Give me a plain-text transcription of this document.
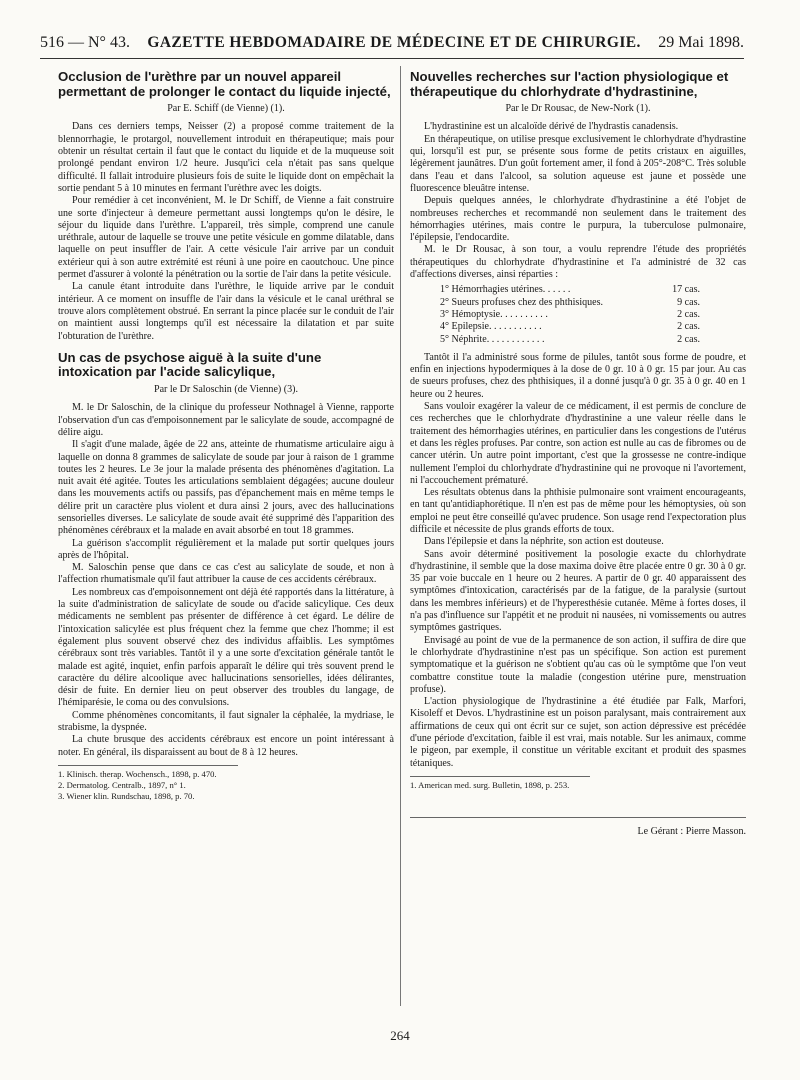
516 — N° 43. GAZETTE HEBDOMADAIRE DE MÉDECINE ET DE CHIRURGIE. 29 Mai 1898.
Occlusion de l'urèthre par un nouvel appareil permettant de prolonger le contact du liquide injecté,
Par E. Schiff (de Vienne) (1).

Dans ces derniers temps, Neisser (2) a proposé comme traitement de la blennorrhagie, le protargol, nouvellement introduit en thérapeutique; mais pour obtenir un résultat certain il faut que le contact du liquide et de la muqueuse soit prolongé pendant environ 1/2 heure. Jusqu'ici cela n'était pas sans quelque difficulté. Il fallait introduire plusieurs fois de suite le liquide dont on empêchait la sortie pendant 5 à 10 minutes en fermant l'urèthre avec les doigts.

Pour remédier à cet inconvénient, M. le Dr Schiff, de Vienne a fait construire une sorte d'injecteur à demeure permettant aussi longtemps qu'on le désire, le séjour du liquide dans l'urèthre. L'appareil, très simple, comprend une canule uréthrale, autour de laquelle se trouve une petite vésicule en gomme dilatable, dans laquelle on peut insuffler de l'air. A cette vésicule l'air arrive par un conduit extérieur qui à son autre extrémité est réuni à une poire en caoutchouc. Une pince permet d'assurer à volonté la pénétration ou la sortie de l'air dans la petite vésicule.

La canule étant introduite dans l'urèthre, le liquide arrive par le conduit intérieur. A ce moment on insuffle de l'air dans la vésicule et le canal uréthral se trouve alors complètement obstrué. En serrant la pince placée sur le conduit de l'air on maintient aussi longtemps qu'il est nécessaire la dilatation et par suite l'obturation de l'urèthre.

Un cas de psychose aiguë à la suite d'une intoxication par l'acide salicylique,
Par le Dr Saloschin (de Vienne) (3).

M. le Dr Saloschin, de la clinique du professeur Nothnagel à Vienne, rapporte l'observation d'un cas d'empoisonnement par le salicylate de soude, accompagné de délire aigu.

Il s'agit d'une malade, âgée de 22 ans, atteinte de rhumatisme articulaire aigu à laquelle on donna 8 grammes de salicylate de soude par jour à raison de 1 gramme toutes les 2 heures. Le 3e jour la malade présenta des phénomènes d'agitation. La nuit avait été agitée. Toutes les articulations semblaient dégagées; aucune douleur dans les mouvements actifs ou passifs, pas d'épanchement mais en même temps le délire prit un caractère plus violent et dura ainsi 2 jours, avec des hallucinations sensorielles diverses. Le salicylate de soude avait été supprimé dès l'apparition des phénomènes cérébraux et la malade en avait absorbé en tout 18 grammes.

La guérison s'accomplit régulièrement et la malade put sortir quelques jours après de l'hôpital.

M. Saloschin pense que dans ce cas c'est au salicylate de soude, et non à l'affection rhumatismale qu'il faut attribuer la cause de ces accidents cérébraux.

Les nombreux cas d'empoisonnement ont déjà été rapportés dans la littérature, à la suite d'administration de salicylate de soude ou d'acide salicylique. Ces deux médicaments ne semblent pas présenter de différence à cet égard. Le délire de l'intoxication salicylée est plus fréquent chez la femme que chez l'homme; il est également plus souvent observé chez des individus affaiblis. Les symptômes cérébraux sont très variables. Tantôt il y a une sorte d'excitation générale tantôt le malade est agité, inquiet, enfin parfois apparaît le délire qui très souvent prend le caractère du délire alcoolique avec hallucinations sensorielles, idées délirantes, désir de fuite. En dernier lieu on peut observer des troubles du langage, de l'hémiparésie, le coma ou des convulsions.

Comme phénomènes concomitants, il faut signaler la céphalée, la mydriase, le strabisme, la dyspnée.

La chute brusque des accidents cérébraux est encore un point intéressant à noter. En général, ils disparaissent au bout de 8 à 12 heures.

1. Klinisch. therap. Wochensch., 1898, p. 470.
2. Dermatolog. Centralb., 1897, n° 1.
3. Wiener klin. Rundschau, 1898, p. 70.
Nouvelles recherches sur l'action physiologique et thérapeutique du chlorhydrate d'hydrastinine,
Par le Dr Rousac, de New-Nork (1).

L'hydrastinine est un alcaloïde dérivé de l'hydrastis canadensis.

En thérapeutique, on utilise presque exclusivement le chlorhydrate d'hydrastine qui, lorsqu'il est pur, se présente sous forme de petits cristaux en aiguilles, légèrement jaunâtres. D'un goût fortement amer, il fond à 205°-208°C. Très soluble dans l'eau et dans l'alcool, sa solution aqueuse est jaune et possède une fluorescence bleuâtre intense.

Depuis quelques années, le chlorhydrate d'hydrastinine a été l'objet de nombreuses recherches et recommandé non seulement dans le traitement des hémorrhagies utérines, mais contre le purpura, la tuberculose pulmonaire, l'épilepsie, l'endocardite.

M. le Dr Rousac, à son tour, a voulu reprendre l'étude des propriétés thérapeutiques du chlorhydrate d'hydrastinine et l'a administré de 32 cas d'affections diverses, ainsi réparties :

1° Hémorrhagies utérines. . . . . .	17 cas.
2° Sueurs profuses chez des phthisiques.	9 cas.
3° Hémoptysie. . . . . . . . . .	2 cas.
4° Epilepsie. . . . . . . . . . .	2 cas.
5° Néphrite. . . . . . . . . . . .	2 cas.

Tantôt il l'a administré sous forme de pilules, tantôt sous forme de poudre, et enfin en injections hypodermiques à la dose de 0 gr. 10 à 0 gr. 15 par jour. Au cas de sueurs profuses, chez des phthisiques, il a donné jusqu'à 0 gr. 35 à 0 gr. 40 en 1 heure ou 2 heures.

Sans vouloir exagérer la valeur de ce médicament, il est permis de conclure de ces recherches que le chlorhydrate d'hydrastinine a une valeur réelle dans le traitement des hémorrhagies utérines, en particulier dans les congestions de l'utérus et dans les règles profuses. Par contre, son action est nulle au cas de fibromes ou de cancer utérin. Un autre point important, c'est que la grossesse ne contre-indique nullement l'emploi du chlorhydrate d'hydrastinine qui ne provoque ni l'avortement, ni l'accouchement prématuré.

Les résultats obtenus dans la phthisie pulmonaire sont vraiment encourageants, en tant qu'antidiaphorétique. Il n'en est pas de même pour les hémoptysies, où son emploi ne peut être conseillé qu'avec prudence. Son usage rend l'expectoration plus difficile et nécessite de plus grands efforts de toux.

Dans l'épilepsie et dans la néphrite, son action est douteuse.

Sans avoir déterminé positivement la posologie exacte du chlorhydrate d'hydrastinine, il semble que la dose maxima doive être placée entre 0 gr. 30 à 0 gr. 35 par voie buccale en 1 heure ou 2 heures. A partir de 0 gr. 40 apparaissent des symptômes d'intoxication, caractérisés par de la fatigue, de la paralysie (surtout dans les membres inférieurs) et de l'hyperesthésie cutanée. Même à fortes doses, il n'a pas d'influence sur l'appétit et ne produit ni nausées, ni vomissements ou autres symptômes gastriques.

Envisagé au point de vue de la permanence de son action, il suffira de dire que le chlorhydrate d'hydrastinine n'est pas un spécifique. Son action est purement symptomatique et la guérison ne s'obtient qu'au cas où le symptôme que l'on veut combattre constitue toute la maladie (congestion utérine pure, menstruation profuse).

L'action physiologique de l'hydrastinine a été étudiée par Falk, Marfori, Kisoleff et Devos. L'hydrastinine est un poison paralysant, mais contrairement aux affirmations de ceux qui ont écrit sur ce sujet, son action dépressive est précédée d'une période d'excitation, faible il est vrai, mais notable. Sur les animaux, comme le pigeon, par exemple, il constitue un véritable excitant et produit des spasmes tétaniques.

1. American med. surg. Bulletin, 1898, p. 253.
Le Gérant : Pierre Masson.
264
